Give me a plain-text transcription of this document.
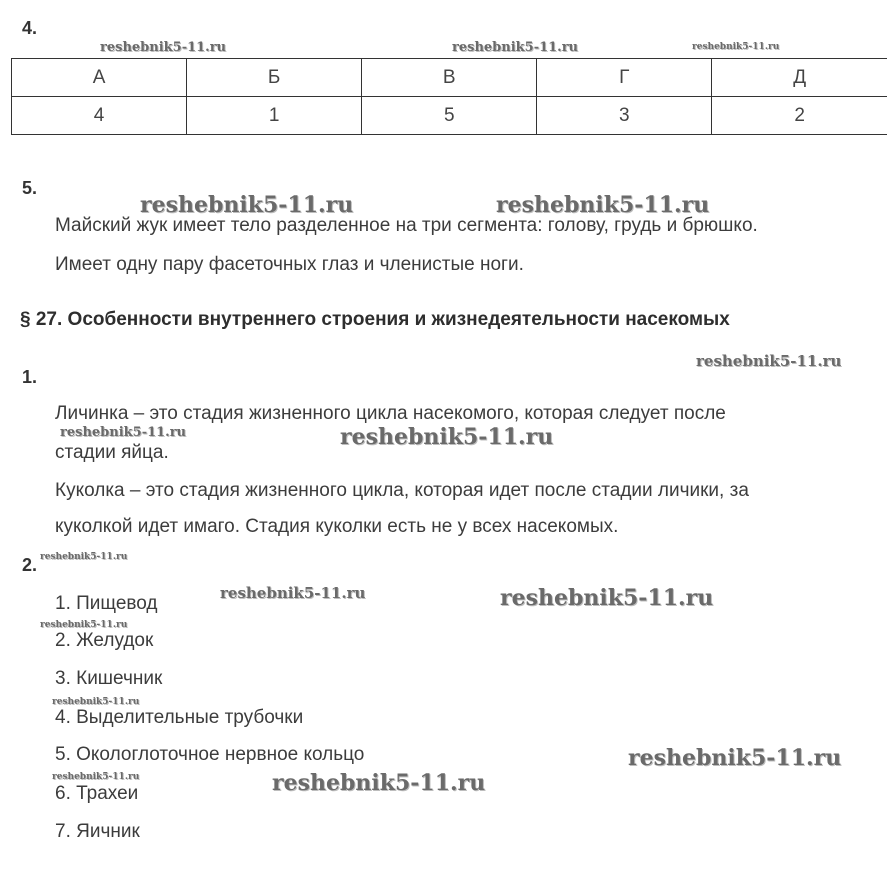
4.
А	Б	В	Г	Д
4	1	5	3	2
5.
Майский жук имеет тело разделенное на три сегмента: голову, грудь и брюшко.
Имеет одну пару фасеточных глаз и членистые ноги.
§ 27. Особенности внутреннего строения и жизнедеятельности насекомых
1.
Личинка – это стадия жизненного цикла насекомого, которая следует после
стадии яйца.
Куколка – это стадия жизненного цикла, которая идет после стадии личики, за
куколкой идет имаго. Стадия куколки есть не у всех насекомых.
2.
1. Пищевод
2. Желудок
3. Кишечник
4. Выделительные трубочки
5. Окологлоточное нервное кольцо
6. Трахеи
7. Яичник
reshebnik5-11.ru	reshebnik5-11.ru	reshebnik5-11.ru
reshebnik5-11.ru	reshebnik5-11.ru
reshebnik5-11.ru
reshebnik5-11.ru	reshebnik5-11.ru
reshebnik5-11.ru
reshebnik5-11.ru	reshebnik5-11.ru
reshebnik5-11.ru
reshebnik5-11.ru
reshebnik5-11.ru
reshebnik5-11.ru	reshebnik5-11.ru
